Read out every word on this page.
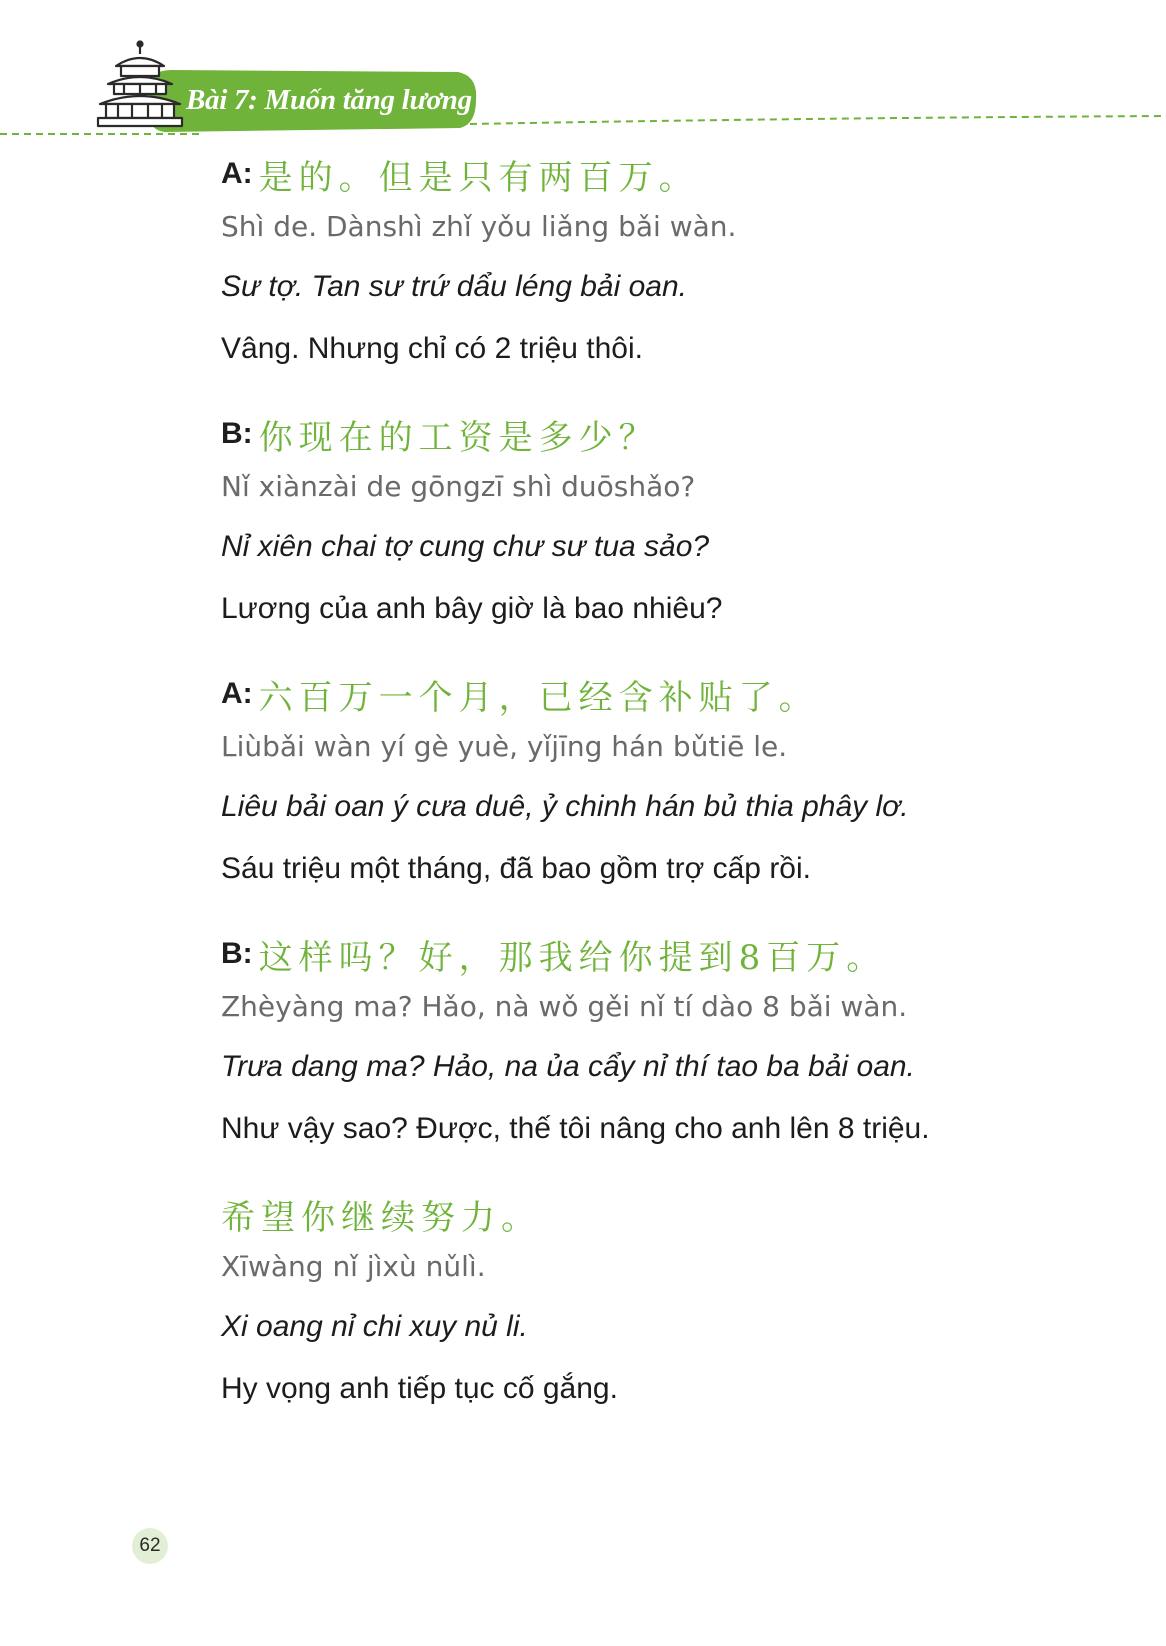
Bài 7: Muốn tăng lương
A: 是的。但是只有两百万。
Shì de. Dànshì zhǐ yǒu liǎng bǎi wàn.
Sư tợ. Tan sư trứ dẩu léng bải oan.
Vâng. Nhưng chỉ có 2 triệu thôi.
B: 你现在的工资是多少？
Nǐ xiànzài de gōngzī shì duōshǎo?
Nỉ xiên chai tợ cung chư sư tua sảo?
Lương của anh bây giờ là bao nhiêu?
A: 六百万一个月，已经含补贴了。
Liùbǎi wàn yí gè yuè, yǐjīng hán bǔtiē le.
Liêu bải oan ý cưa duê, ỷ chinh hán bủ thia phây lơ.
Sáu triệu một tháng, đã bao gồm trợ cấp rồi.
B: 这样吗？好，那我给你提到8百万。
Zhèyàng ma? Hǎo, nà wǒ gěi nǐ tí dào 8 bǎi wàn.
Trưa dang ma? Hảo, na ủa cẩy nỉ thí tao ba bải oan.
Như vậy sao? Được, thế tôi nâng cho anh lên 8 triệu.
希望你继续努力。
Xīwàng nǐ jìxù nǔlì.
Xi oang nỉ chi xuy nủ li.
Hy vọng anh tiếp tục cố gắng.
62
